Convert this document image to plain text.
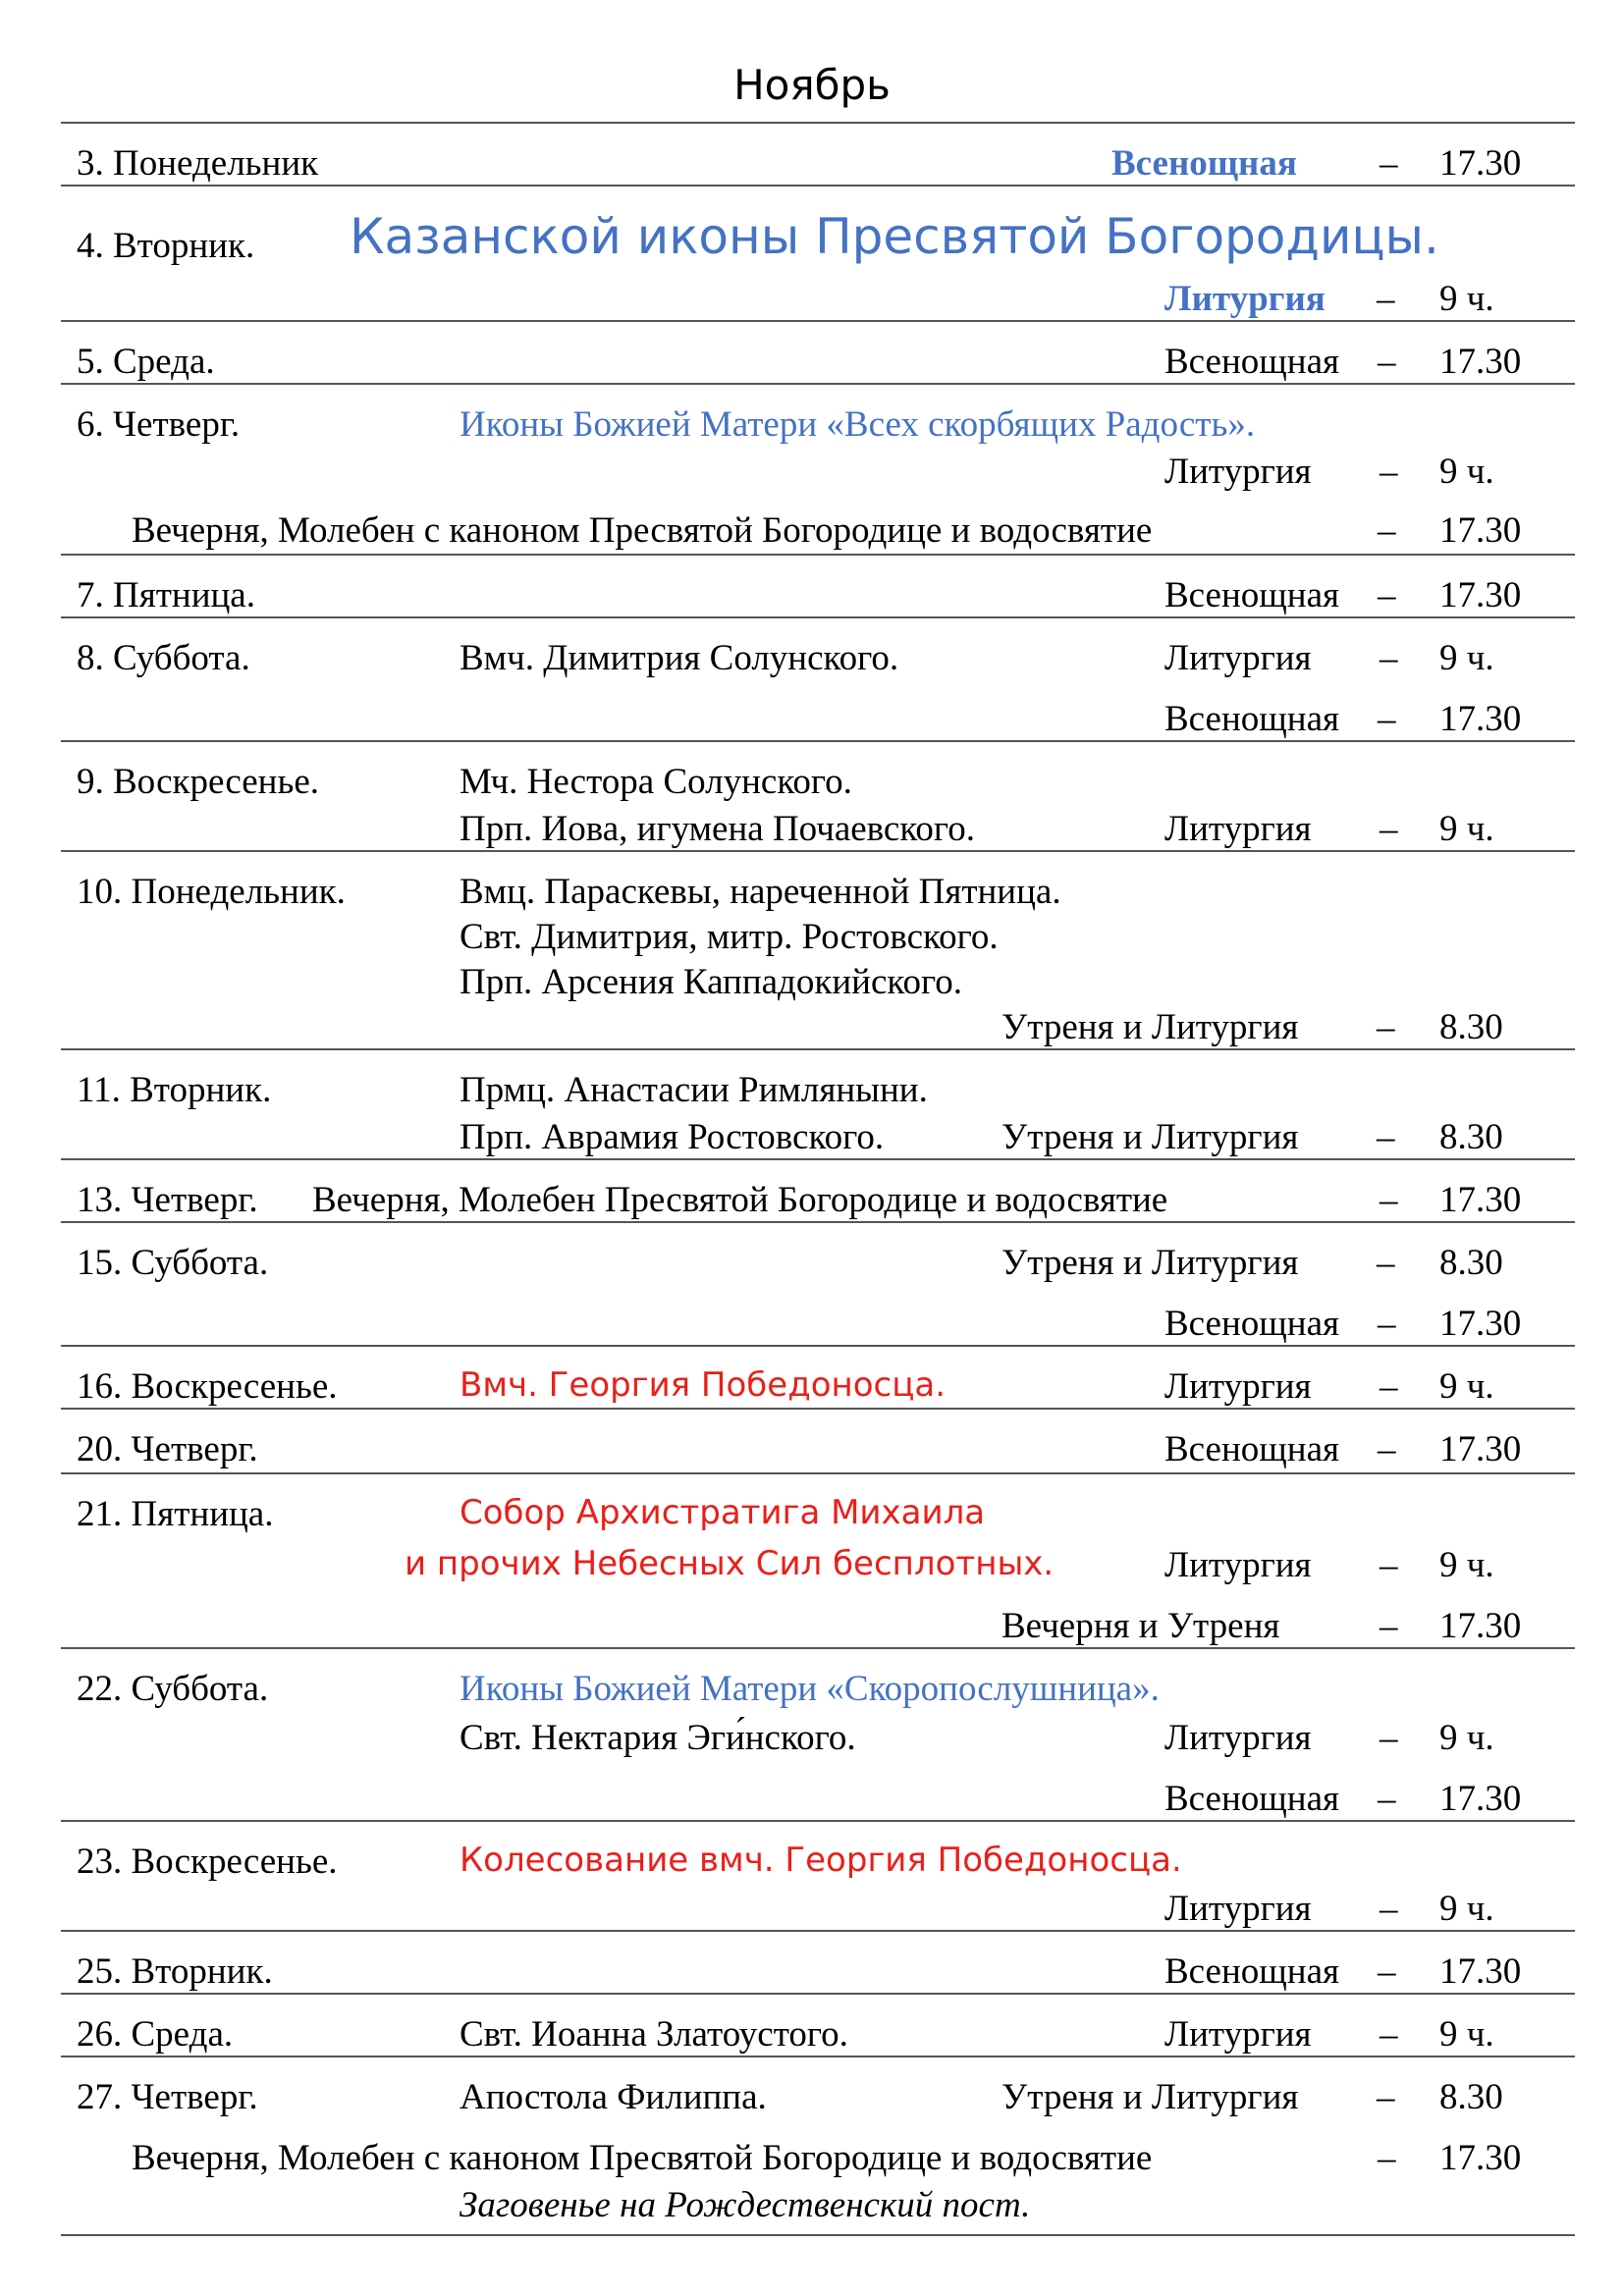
Ноябрь
3. Понедельник	Всенощная – 17.30
4. Вторник. Казанской иконы Пресвятой Богородицы.
Литургия – 9 ч.
5. Среда.	Всенощная – 17.30
6. Четверг.	Иконы Божией Матери «Всех скорбящих Радость».
Литургия – 9 ч.
Вечерня, Молебен с каноном Пресвятой Богородице и водосвятие	– 17.30
7. Пятница.	Всенощная – 17.30
8. Суббота.	Вмч. Димитрия Солунского.	Литургия – 9 ч.
Всенощная – 17.30
9. Воскресенье.	Мч. Нестора Солунского.
Прп. Иова, игумена Почаевского.	Литургия – 9 ч.
10. Понедельник.	Вмц. Параскевы, нареченной Пятница.
Свт. Димитрия, митр. Ростовского.
Прп. Арсения Каппадокийского.
Утреня и Литургия – 8.30
11. Вторник.	Прмц. Анастасии Римляныни.
Прп. Аврамия Ростовского.	Утреня и Литургия – 8.30
13. Четверг. Вечерня, Молебен Пресвятой Богородице и водосвятие	– 17.30
15. Суббота.	Утреня и Литургия – 8.30
Всенощная – 17.30
16. Воскресенье.	Вмч. Георгия Победоносца.	Литургия – 9 ч.
20. Четверг.	Всенощная – 17.30
21. Пятница.	Собор Архистратига Михаила
и прочих Небесных Сил бесплотных.	Литургия – 9 ч.
Вечерня и Утреня	– 17.30
22. Суббота.	Иконы Божией Матери «Скоропослушница».
Свт. Нектария Эги́нского.	Литургия – 9 ч.
Всенощная – 17.30
23. Воскресенье.	Колесование вмч. Георгия Победоносца.
Литургия – 9 ч.
25. Вторник.	Всенощная – 17.30
26. Среда.	Свт. Иоанна Златоустого.	Литургия – 9 ч.
27. Четверг.	Апостола Филиппа.	Утреня и Литургия – 8.30
Вечерня, Молебен с каноном Пресвятой Богородице и водосвятие	– 17.30
Заговенье на Рождественский пост.
